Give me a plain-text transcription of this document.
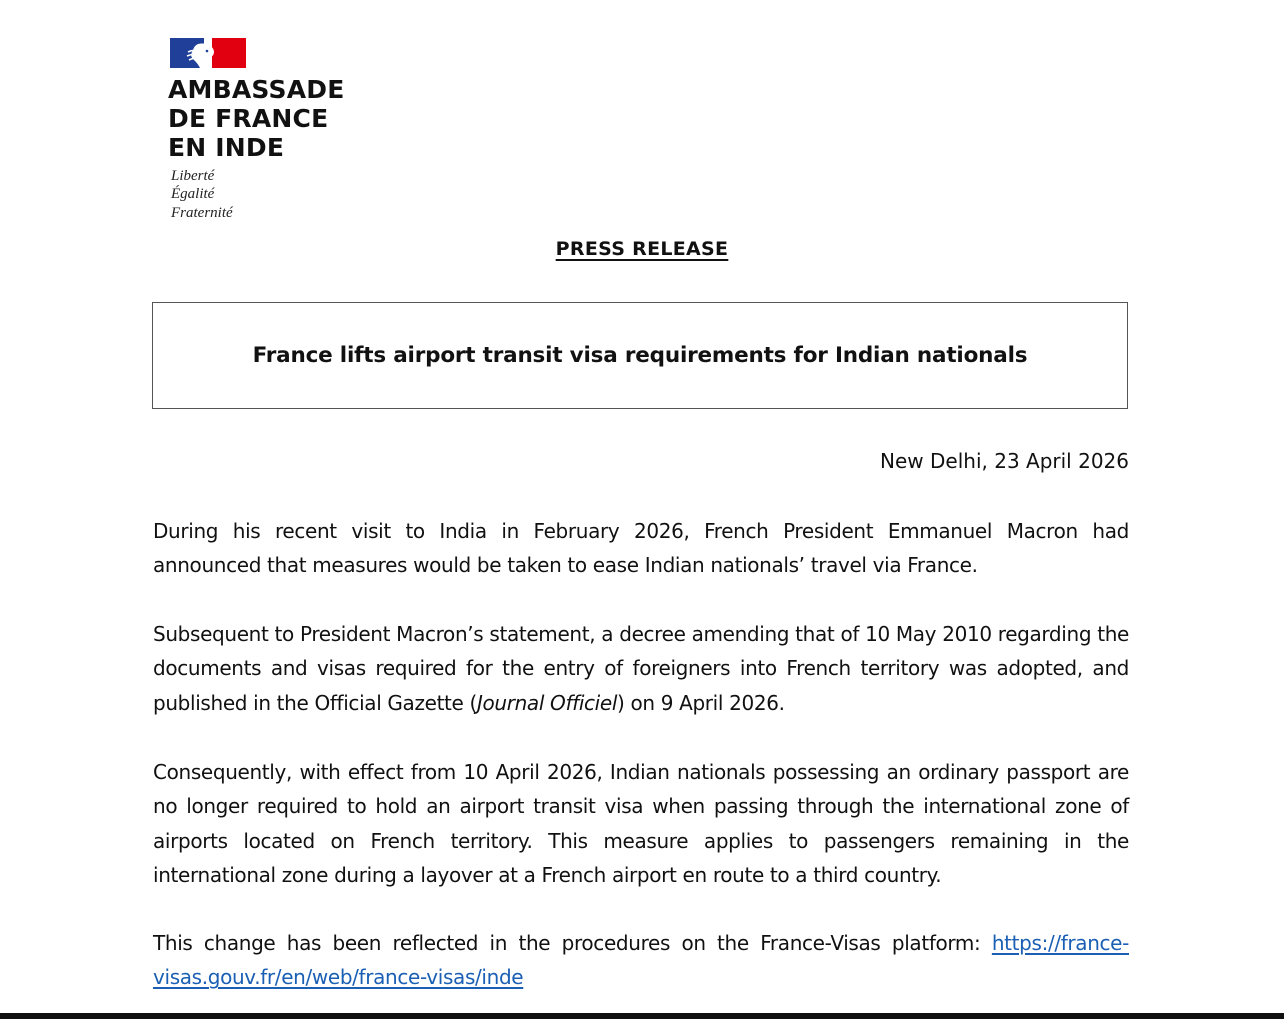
AMBASSADE
DE FRANCE
EN INDE
Liberté
Égalité
Fraternité
PRESS RELEASE
France lifts airport transit visa requirements for Indian nationals
New Delhi, 23 April 2026

During his recent visit to India in February 2026, French President Emmanuel Macron had announced that measures would be taken to ease Indian nationals’ travel via France.

Subsequent to President Macron’s statement, a decree amending that of 10 May 2010 regarding the documents and visas required for the entry of foreigners into French territory was adopted, and published in the Official Gazette (Journal Officiel) on 9 April 2026.

Consequently, with effect from 10 April 2026, Indian nationals possessing an ordinary passport are no longer required to hold an airport transit visa when passing through the international zone of airports located on French territory. This measure applies to passengers remaining in the international zone during a layover at a French airport en route to a third country.

This change has been reflected in the procedures on the France-Visas platform: https://france-visas.gouv.fr/en/web/france-visas/inde
